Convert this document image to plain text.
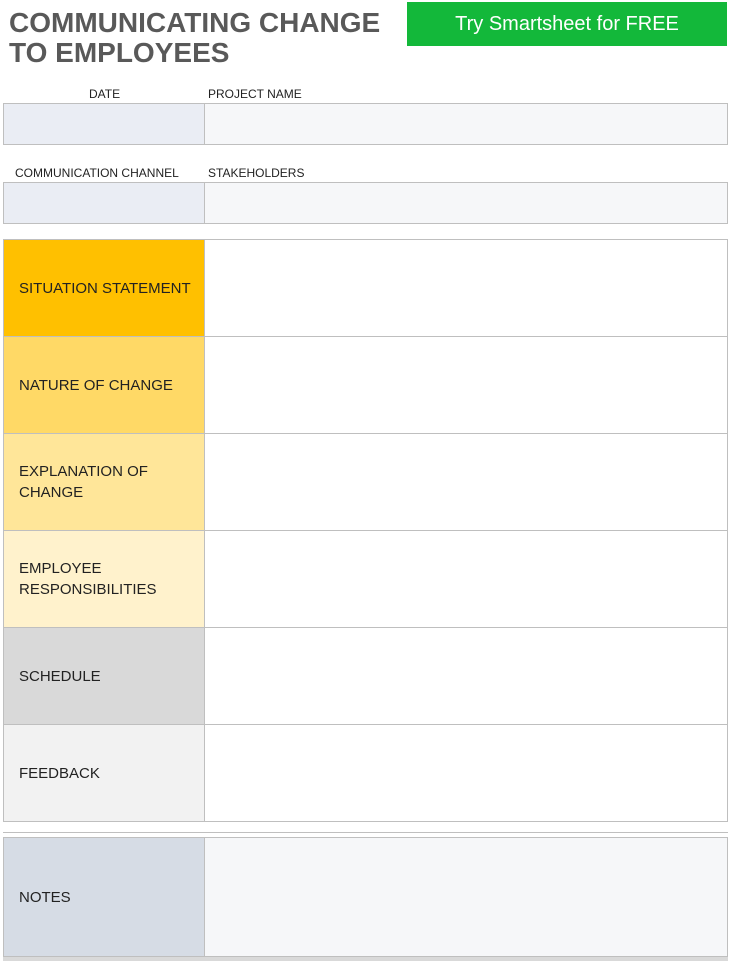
COMMUNICATING CHANGE
TO EMPLOYEES
Try Smartsheet for FREE
DATE	PROJECT NAME
COMMUNICATION CHANNEL STAKEHOLDERS
SITUATION STATEMENT
NATURE OF CHANGE
EXPLANATION OF CHANGE
EMPLOYEE RESPONSIBILITIES
SCHEDULE
FEEDBACK
NOTES
